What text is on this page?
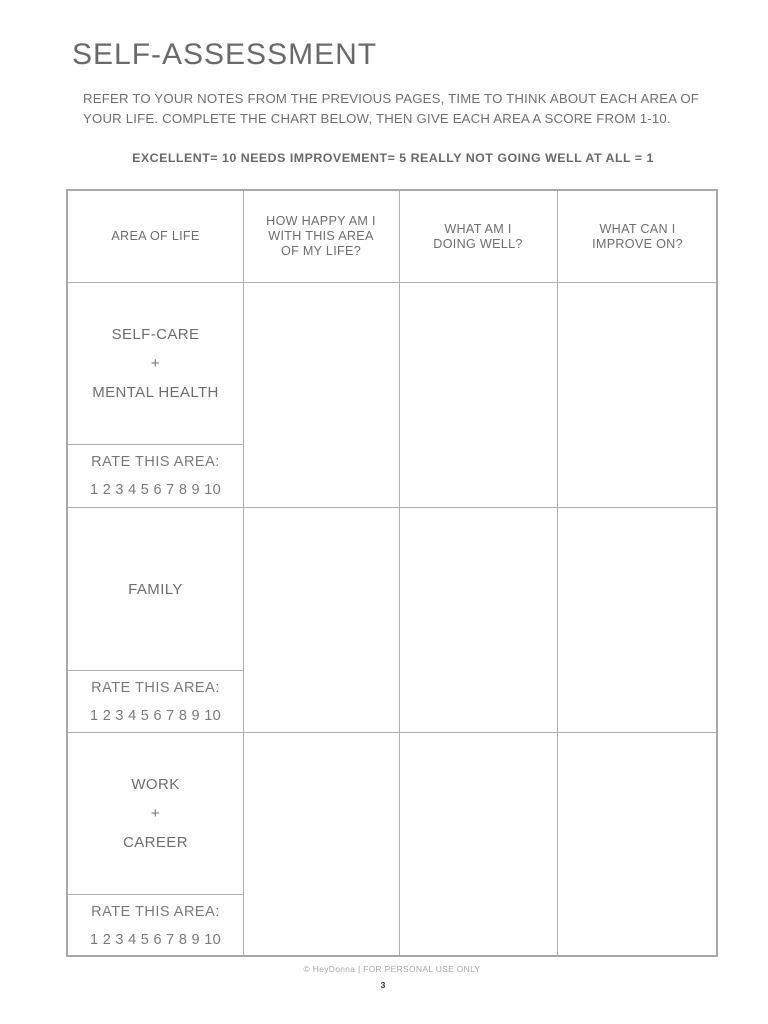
SELF-ASSESSMENT

REFER TO YOUR NOTES FROM THE PREVIOUS PAGES, TIME TO THINK ABOUT EACH AREA OF YOUR LIFE. COMPLETE THE CHART BELOW, THEN GIVE EACH AREA A SCORE FROM 1-10.

EXCELLENT= 10 NEEDS IMPROVEMENT= 5 REALLY NOT GOING WELL AT ALL = 1

AREA OF LIFE
HOW HAPPY AM I WITH THIS AREA OF MY LIFE?
WHAT AM I DOING WELL?
WHAT CAN I IMPROVE ON?
SELF-CARE
+
MENTAL HEALTH
RATE THIS AREA:
1 2 3 4 5 6 7 8 9 10
FAMILY
RATE THIS AREA:
1 2 3 4 5 6 7 8 9 10
WORK
+
CAREER
RATE THIS AREA:
1 2 3 4 5 6 7 8 9 10
© HeyDonna | FOR PERSONAL USE ONLY
3
